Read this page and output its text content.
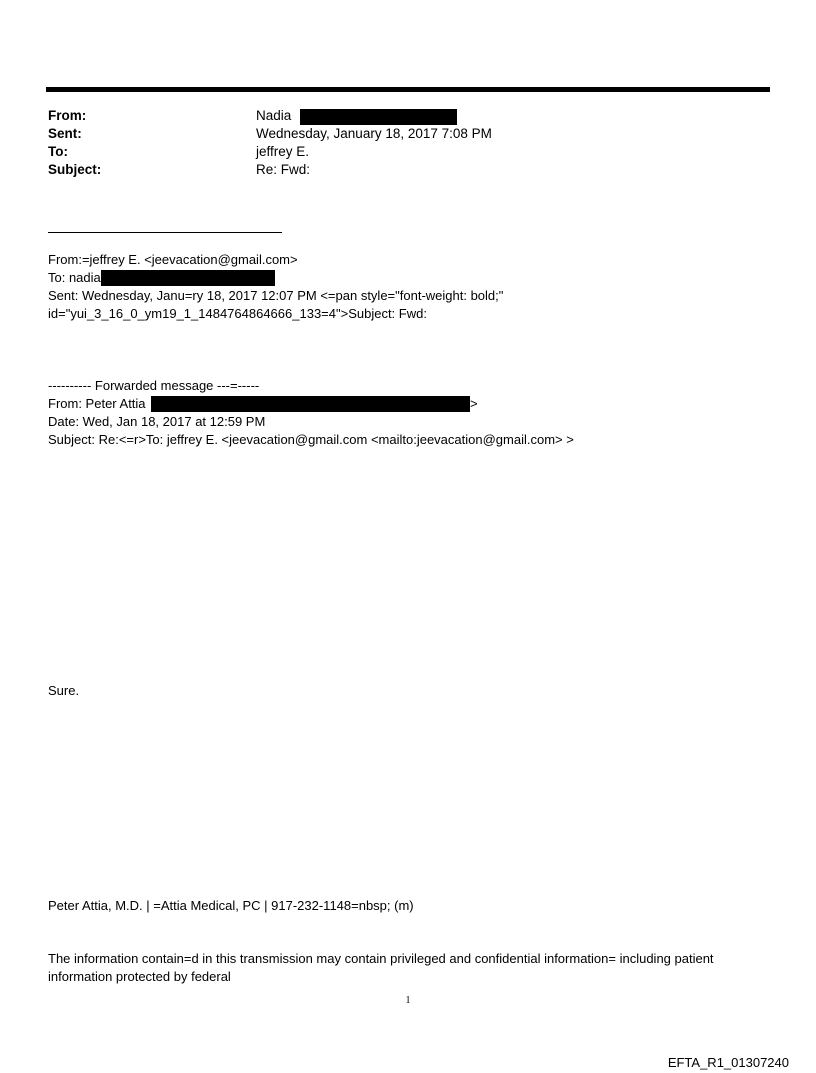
From:	Nadia
Sent:	Wednesday, January 18, 2017 7:08 PM
To:	jeffrey E.
Subject:	Re: Fwd:
From:=jeffrey E. <jeevacation@gmail.com>
To: nadia
Sent: Wednesday, Janu=ry 18, 2017 12:07 PM <=pan style="font-weight: bold;"
id="yui_3_16_0_ym19_1_1484764864666_133=4">Subject: Fwd:
---------- Forwarded message ---=-----
From: Peter Attia	>
Date: Wed, Jan 18, 2017 at 12:59 PM
Subject: Re:<=r>To: jeffrey E. <jeevacation@gmail.com <mailto:jeevacation@gmail.com> >
Sure.
Peter Attia, M.D. | =Attia Medical, PC | 917-232-1148=nbsp; (m)
The information contain=d in this transmission may contain privileged and confidential information= including patient information protected by federal
1
EFTA_R1_01307240
